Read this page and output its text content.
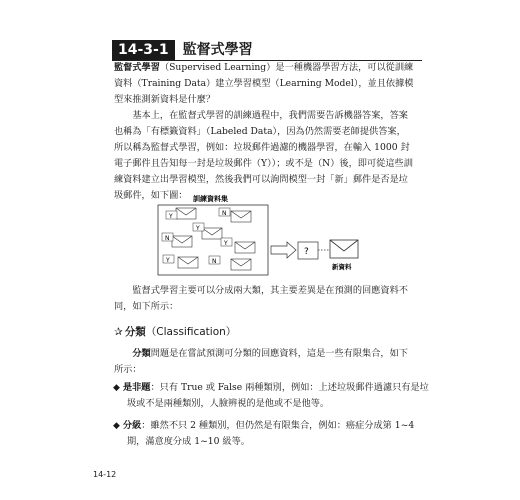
14-3-1	監督式學習

監督式學習（Supervised Learning）是一種機器學習方法，可以從訓練資料（Training Data）建立學習模型（Learning Model），並且依據模型來推測新資料是什麼？

　　基本上，在監督式學習的訓練過程中，我們需要告訴機器答案，答案也稱為「有標籤資料」（Labeled Data），因為仍然需要老師提供答案，所以稱為監督式學習，例如：垃圾郵件過濾的機器學習，在輸入 1000 封電子郵件且告知每一封是垃圾郵件（Y））；或不是（N）後，即可從這些訓練資料建立出學習模型，然後我們可以詢問模型一封「新」郵件是否是垃圾郵件，如下圖： 訓練資料集
Y	N
Y
N
Y
Y	N
?
新資料

　　監督式學習主要可以分成兩大類，其主要差異是在預測的回應資料不同，如下所示：

✰ 分類（Classification）

　　分類問題是在嘗試預測可分類的回應資料，這是一些有限集合，如下所示：

◆ 是非題：只有 True 或 False 兩種類別，例如：上述垃圾郵件過濾只有是垃圾或不是兩種類別，人臉辨視的是他或不是他等。

◆ 分級：雖然不只 2 種類別，但仍然是有限集合，例如：癌症分成第 1~4 期，滿意度分成 1~10 級等。

14-12
